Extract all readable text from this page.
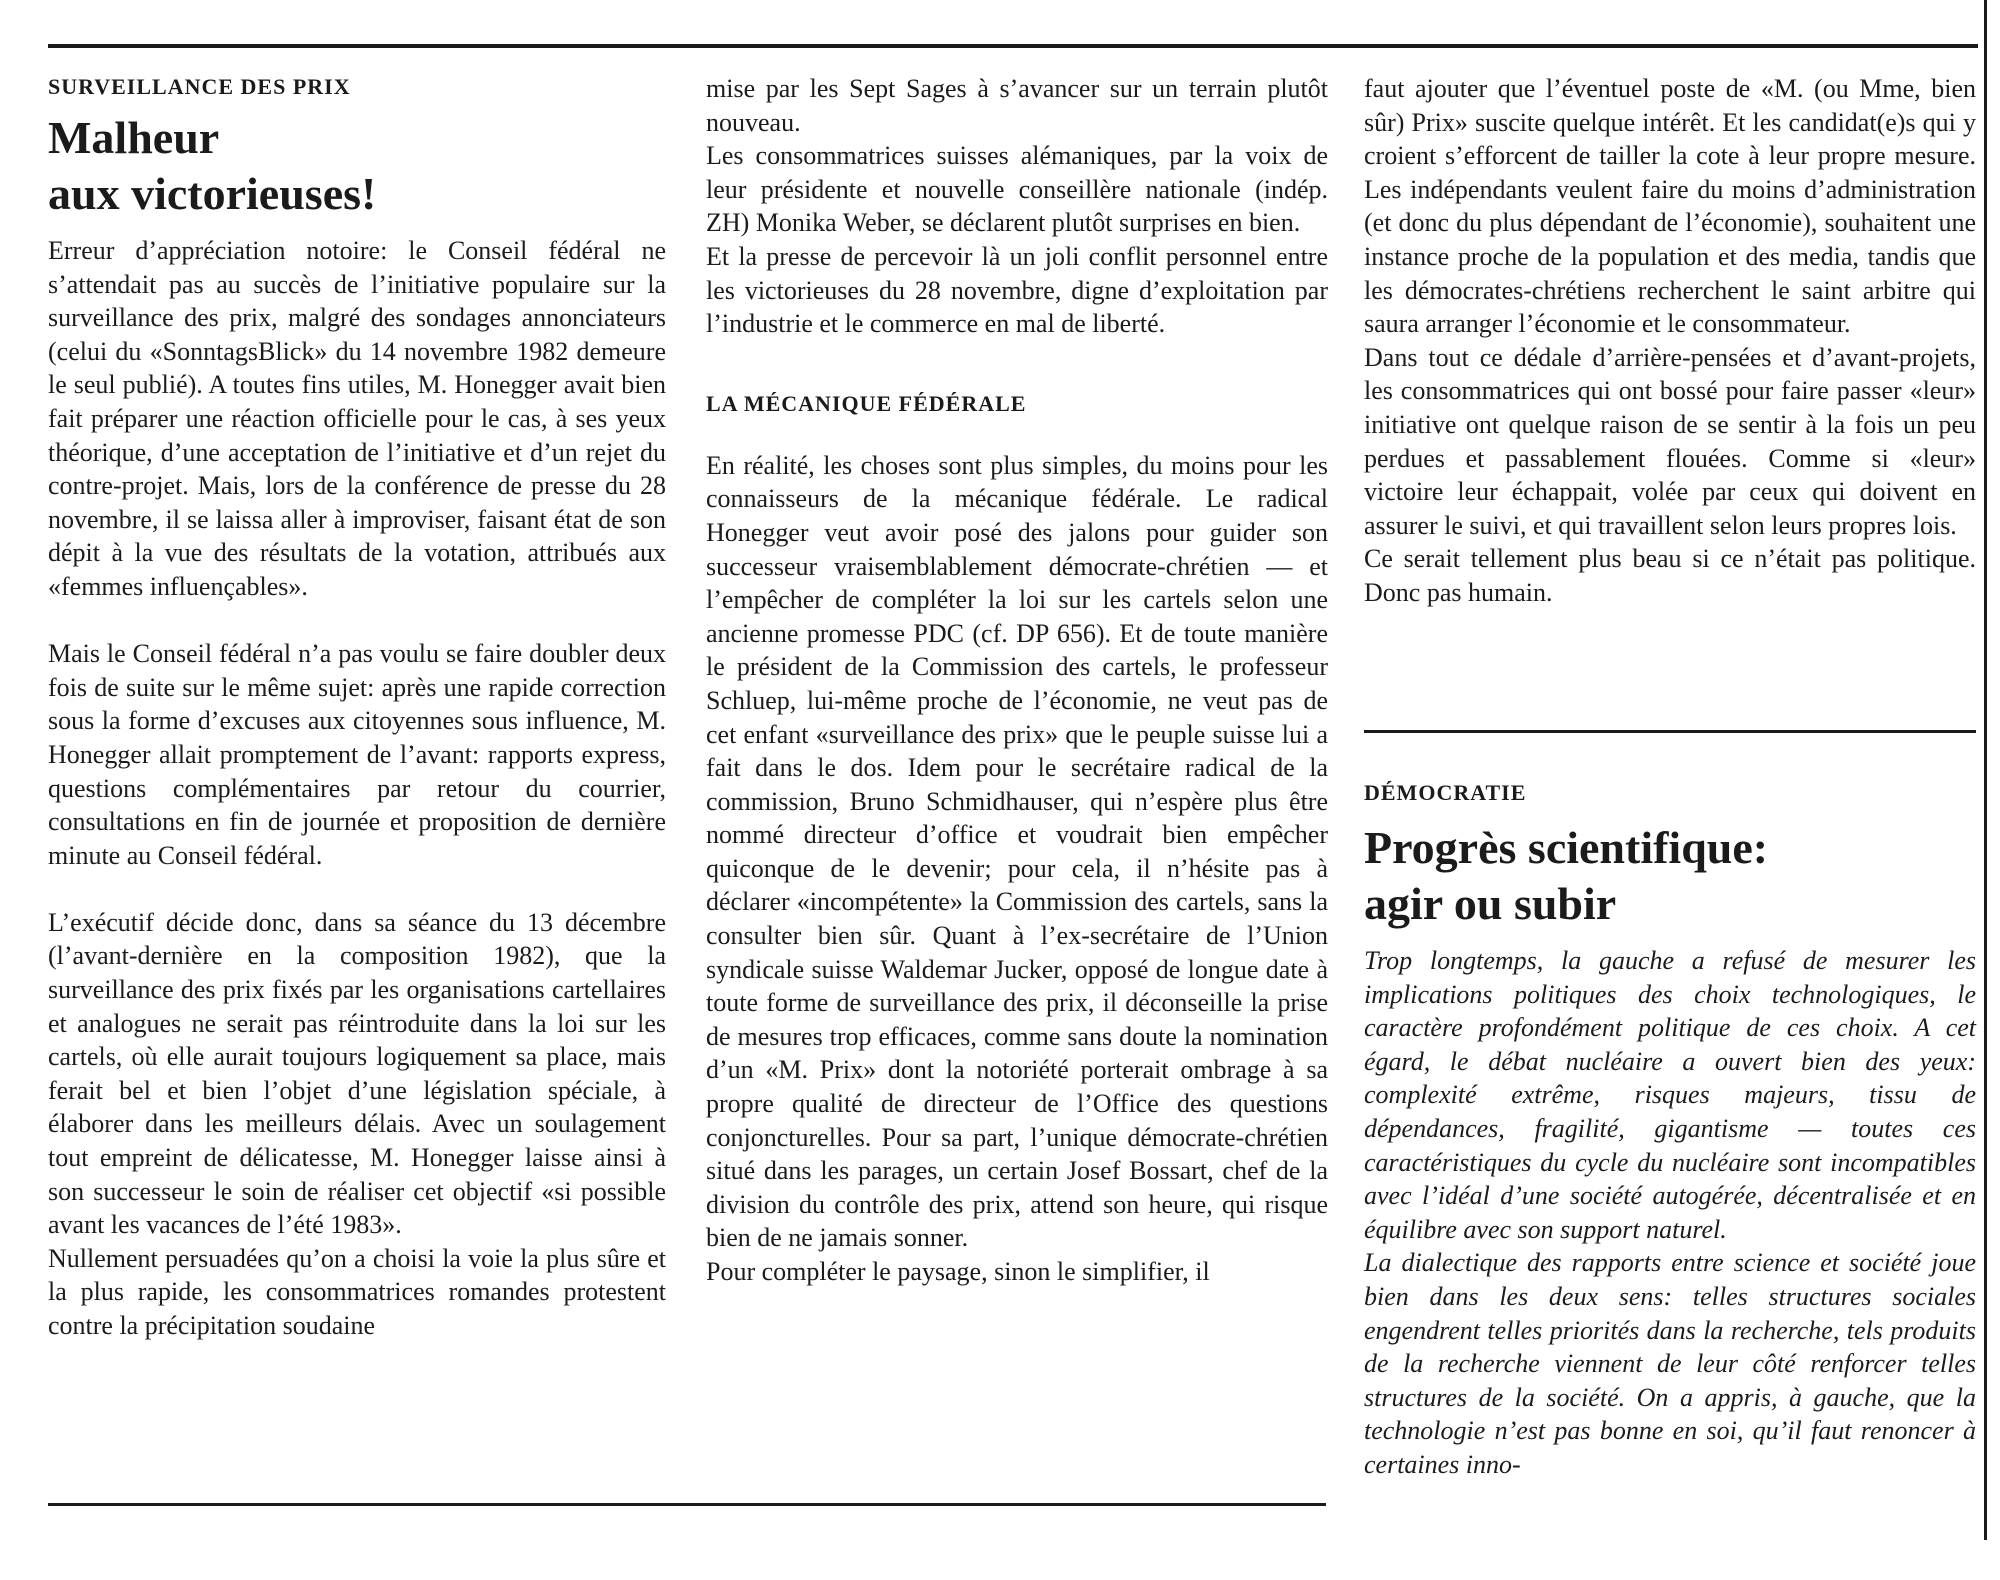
SURVEILLANCE DES PRIX

Malheur
aux victorieuses!

Erreur d’appréciation notoire: le Conseil fédéral ne s’attendait pas au succès de l’initiative populaire sur la surveillance des prix, malgré des sondages annonciateurs (celui du «SonntagsBlick» du 14 novembre 1982 demeure le seul publié). A toutes fins utiles, M. Honegger avait bien fait préparer une réaction officielle pour le cas, à ses yeux théorique, d’une acceptation de l’initiative et d’un rejet du contre-projet. Mais, lors de la conférence de presse du 28 novembre, il se laissa aller à improviser, faisant état de son dépit à la vue des résultats de la votation, attribués aux «femmes influençables».

Mais le Conseil fédéral n’a pas voulu se faire doubler deux fois de suite sur le même sujet: après une rapide correction sous la forme d’excuses aux citoyennes sous influence, M. Honegger allait promptement de l’avant: rapports express, questions complémentaires par retour du courrier, consultations en fin de journée et proposition de dernière minute au Conseil fédéral.

L’exécutif décide donc, dans sa séance du 13 décembre (l’avant-dernière en la composition 1982), que la surveillance des prix fixés par les organisations cartellaires et analogues ne serait pas réintroduite dans la loi sur les cartels, où elle aurait toujours logiquement sa place, mais ferait bel et bien l’objet d’une législation spéciale, à élaborer dans les meilleurs délais. Avec un soulagement tout empreint de délicatesse, M. Honegger laisse ainsi à son successeur le soin de réaliser cet objectif «si possible avant les vacances de l’été 1983».

Nullement persuadées qu’on a choisi la voie la plus sûre et la plus rapide, les consommatrices romandes protestent contre la précipitation soudaine

mise par les Sept Sages à s’avancer sur un terrain plutôt nouveau.

Les consommatrices suisses alémaniques, par la voix de leur présidente et nouvelle conseillère nationale (indép. ZH) Monika Weber, se déclarent plutôt surprises en bien.

Et la presse de percevoir là un joli conflit personnel entre les victorieuses du 28 novembre, digne d’exploitation par l’industrie et le commerce en mal de liberté.

LA MÉCANIQUE FÉDÉRALE

En réalité, les choses sont plus simples, du moins pour les connaisseurs de la mécanique fédérale. Le radical Honegger veut avoir posé des jalons pour guider son successeur vraisemblablement démocrate-chrétien — et l’empêcher de compléter la loi sur les cartels selon une ancienne promesse PDC (cf. DP 656). Et de toute manière le président de la Commission des cartels, le professeur Schluep, lui-même proche de l’économie, ne veut pas de cet enfant «surveillance des prix» que le peuple suisse lui a fait dans le dos. Idem pour le secrétaire radical de la commission, Bruno Schmidhauser, qui n’espère plus être nommé directeur d’office et voudrait bien empêcher quiconque de le devenir; pour cela, il n’hésite pas à déclarer «incompétente» la Commission des cartels, sans la consulter bien sûr. Quant à l’ex-secrétaire de l’Union syndicale suisse Waldemar Jucker, opposé de longue date à toute forme de surveillance des prix, il déconseille la prise de mesures trop efficaces, comme sans doute la nomination d’un «M. Prix» dont la notoriété porterait ombrage à sa propre qualité de directeur de l’Office des questions conjoncturelles. Pour sa part, l’unique démocrate-chrétien situé dans les parages, un certain Josef Bossart, chef de la division du contrôle des prix, attend son heure, qui risque bien de ne jamais sonner.

Pour compléter le paysage, sinon le simplifier, il

faut ajouter que l’éventuel poste de «M. (ou Mme, bien sûr) Prix» suscite quelque intérêt. Et les candidat(e)s qui y croient s’efforcent de tailler la cote à leur propre mesure. Les indépendants veulent faire du moins d’administration (et donc du plus dépendant de l’économie), souhaitent une instance proche de la population et des media, tandis que les démocrates-chrétiens recherchent le saint arbitre qui saura arranger l’économie et le consommateur.

Dans tout ce dédale d’arrière-pensées et d’avant-projets, les consommatrices qui ont bossé pour faire passer «leur» initiative ont quelque raison de se sentir à la fois un peu perdues et passablement flouées. Comme si «leur» victoire leur échappait, volée par ceux qui doivent en assurer le suivi, et qui travaillent selon leurs propres lois.

Ce serait tellement plus beau si ce n’était pas politique. Donc pas humain.

DÉMOCRATIE

Progrès scientifique:
agir ou subir

Trop longtemps, la gauche a refusé de mesurer les implications politiques des choix technologiques, le caractère profondément politique de ces choix. A cet égard, le débat nucléaire a ouvert bien des yeux: complexité extrême, risques majeurs, tissu de dépendances, fragilité, gigantisme — toutes ces caractéristiques du cycle du nucléaire sont incompatibles avec l’idéal d’une société autogérée, décentralisée et en équilibre avec son support naturel.

La dialectique des rapports entre science et société joue bien dans les deux sens: telles structures sociales engendrent telles priorités dans la recherche, tels produits de la recherche viennent de leur côté renforcer telles structures de la société. On a appris, à gauche, que la technologie n’est pas bonne en soi, qu’il faut renoncer à certaines inno-
